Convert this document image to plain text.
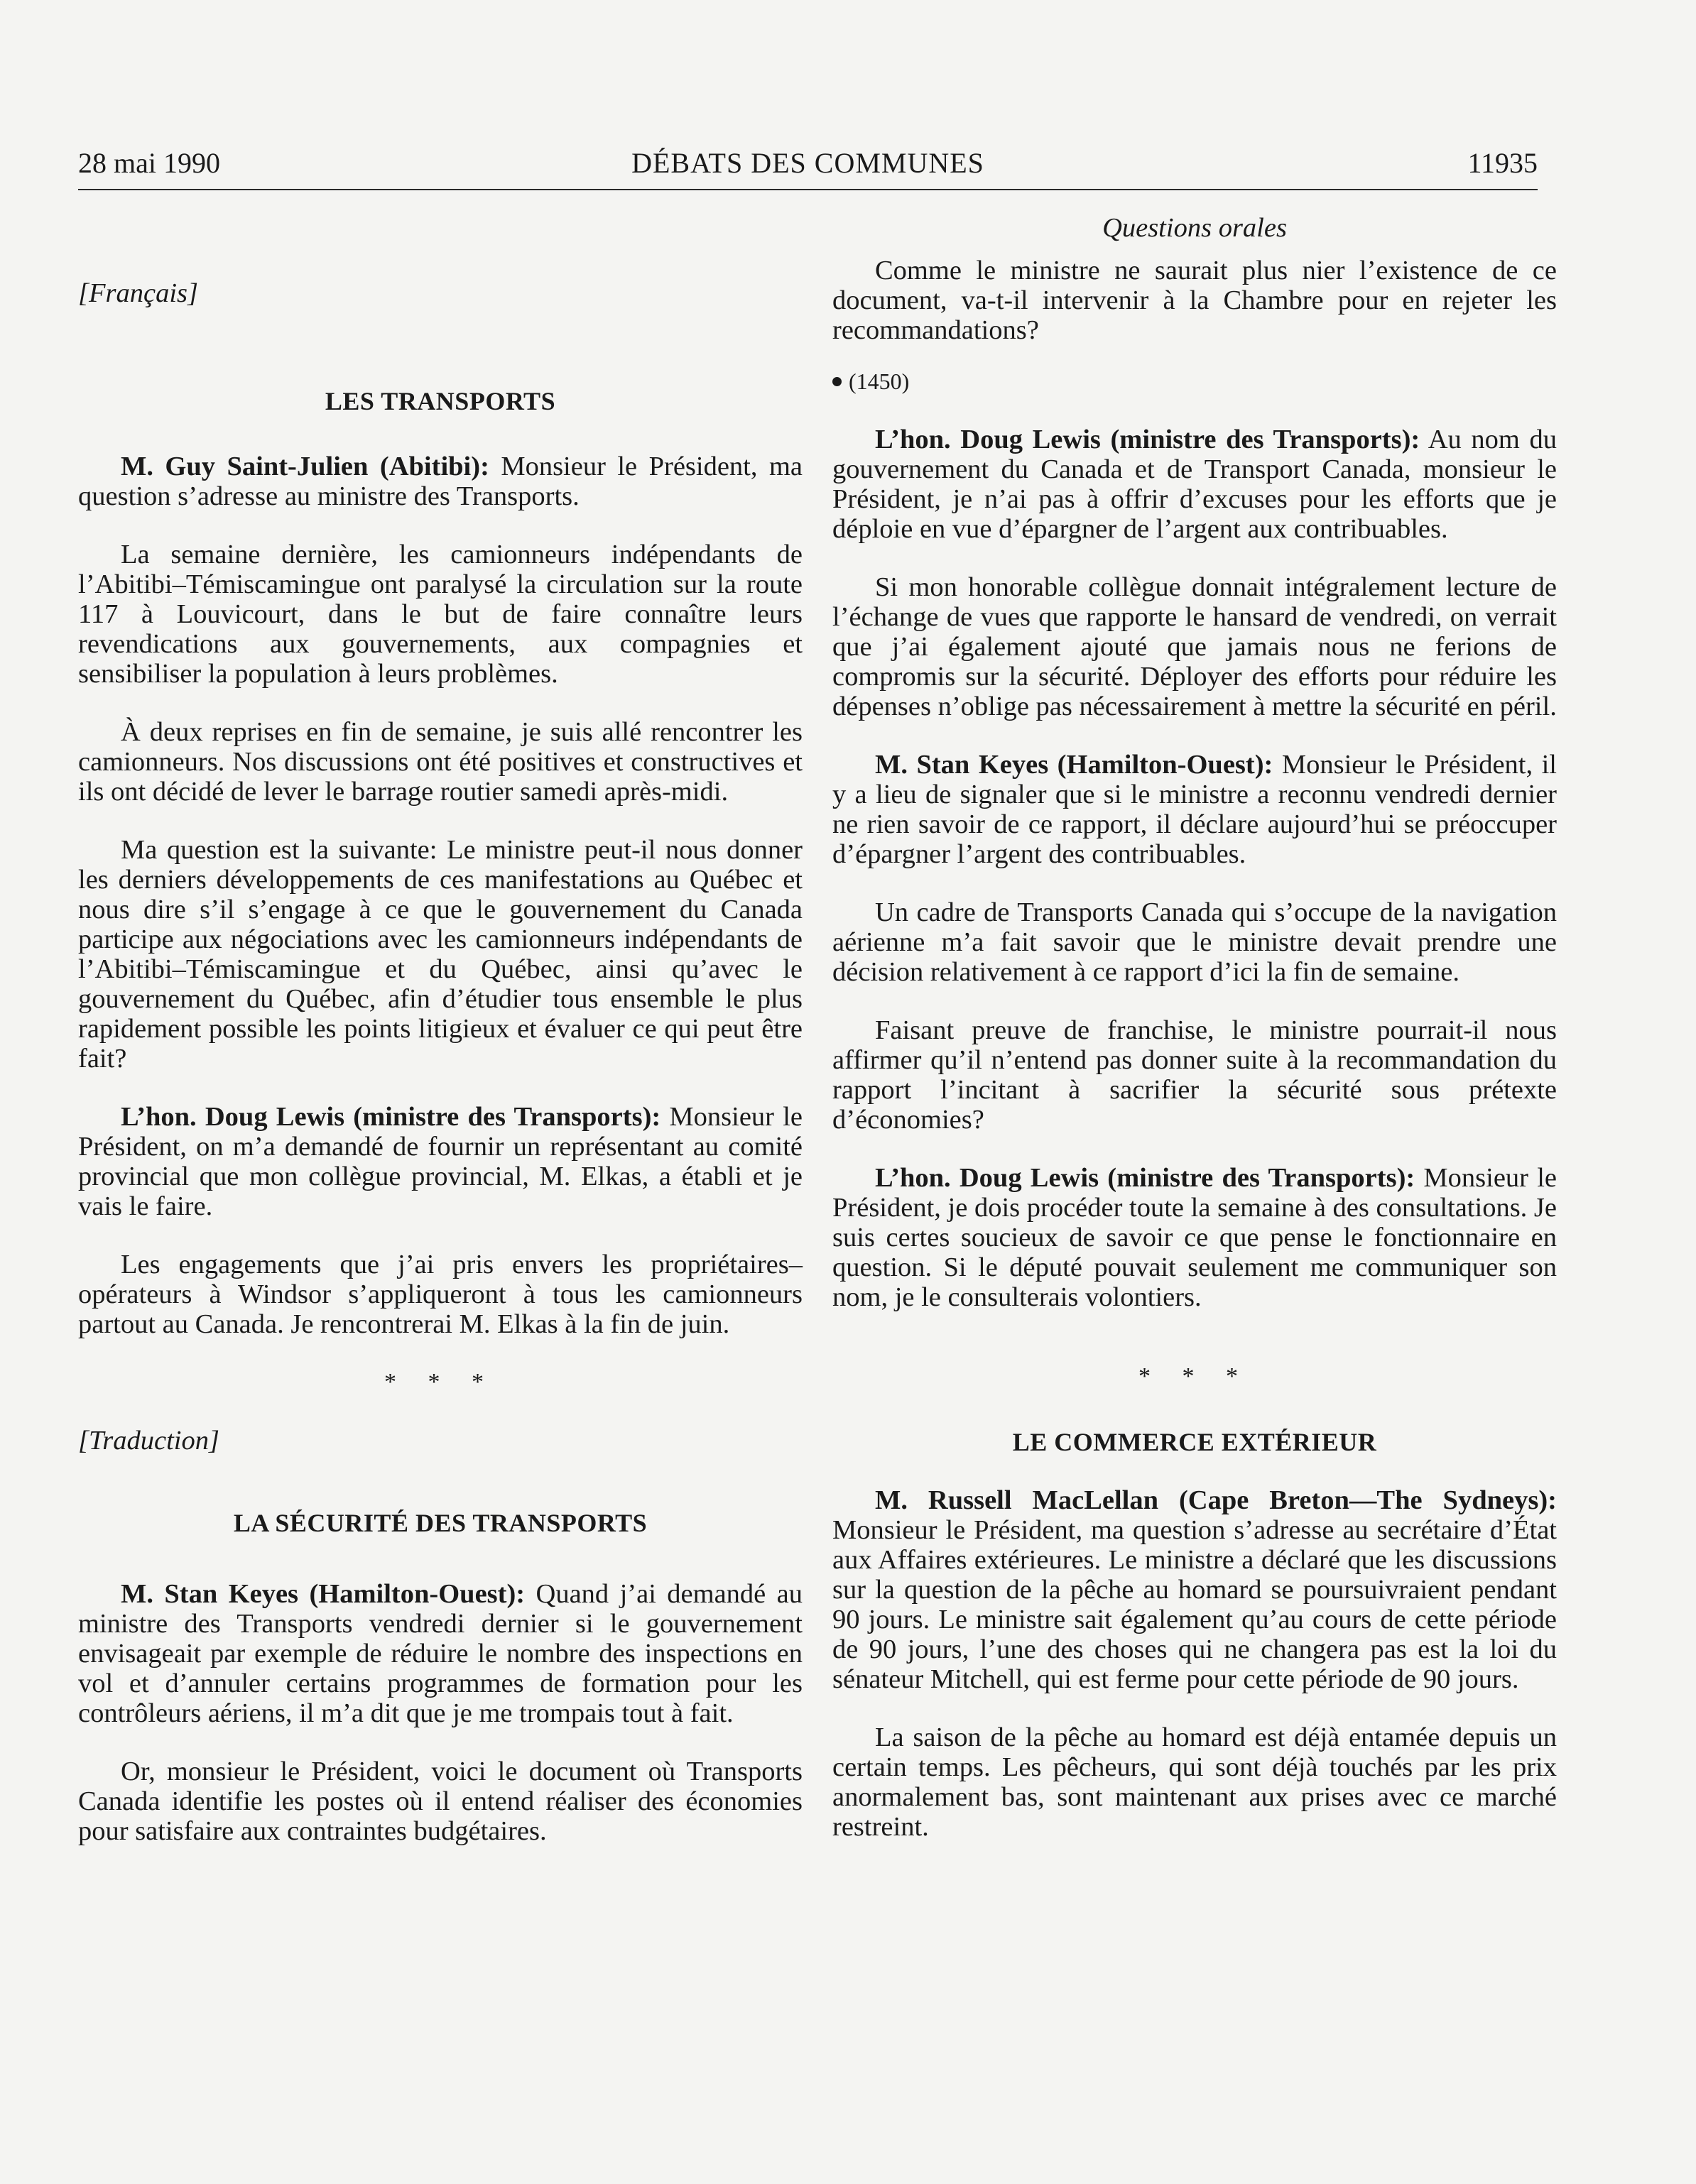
28 mai 1990	DÉBATS DES COMMUNES	11935

[Français]

LES TRANSPORTS

M. Guy Saint-Julien (Abitibi): Monsieur le Président, ma question s’adresse au ministre des Transports.

La semaine dernière, les camionneurs indépendants de l’Abitibi–Témiscamingue ont paralysé la circulation sur la route 117 à Louvicourt, dans le but de faire connaître leurs revendications aux gouvernements, aux compagnies et sensibiliser la population à leurs problèmes.

À deux reprises en fin de semaine, je suis allé rencontrer les camionneurs. Nos discussions ont été positives et constructives et ils ont décidé de lever le barrage routier samedi après-midi.

Ma question est la suivante: Le ministre peut-il nous donner les derniers développements de ces manifestations au Québec et nous dire s’il s’engage à ce que le gouvernement du Canada participe aux négociations avec les camionneurs indépendants de l’Abitibi–Témiscamingue et du Québec, ainsi qu’avec le gouvernement du Québec, afin d’étudier tous ensemble le plus rapidement possible les points litigieux et évaluer ce qui peut être fait?

L’hon. Doug Lewis (ministre des Transports): Monsieur le Président, on m’a demandé de fournir un représentant au comité provincial que mon collègue provincial, M. Elkas, a établi et je vais le faire.

Les engagements que j’ai pris envers les propriétaires–opérateurs à Windsor s’appliqueront à tous les camionneurs partout au Canada. Je rencontrerai M. Elkas à la fin de juin.

* * *

[Traduction]

LA SÉCURITÉ DES TRANSPORTS

M. Stan Keyes (Hamilton-Ouest): Quand j’ai demandé au ministre des Transports vendredi dernier si le gouvernement envisageait par exemple de réduire le nombre des inspections en vol et d’annuler certains programmes de formation pour les contrôleurs aériens, il m’a dit que je me trompais tout à fait.

Or, monsieur le Président, voici le document où Transports Canada identifie les postes où il entend réaliser des économies pour satisfaire aux contraintes budgétaires.

Questions orales

Comme le ministre ne saurait plus nier l’existence de ce document, va-t-il intervenir à la Chambre pour en rejeter les recommandations?

(1450)

L’hon. Doug Lewis (ministre des Transports): Au nom du gouvernement du Canada et de Transport Canada, monsieur le Président, je n’ai pas à offrir d’excuses pour les efforts que je déploie en vue d’épargner de l’argent aux contribuables.

Si mon honorable collègue donnait intégralement lecture de l’échange de vues que rapporte le hansard de vendredi, on verrait que j’ai également ajouté que jamais nous ne ferions de compromis sur la sécurité. Déployer des efforts pour réduire les dépenses n’oblige pas nécessairement à mettre la sécurité en péril.

M. Stan Keyes (Hamilton-Ouest): Monsieur le Président, il y a lieu de signaler que si le ministre a reconnu vendredi dernier ne rien savoir de ce rapport, il déclare aujourd’hui se préoccuper d’épargner l’argent des contribuables.

Un cadre de Transports Canada qui s’occupe de la navigation aérienne m’a fait savoir que le ministre devait prendre une décision relativement à ce rapport d’ici la fin de semaine.

Faisant preuve de franchise, le ministre pourrait-il nous affirmer qu’il n’entend pas donner suite à la recommandation du rapport l’incitant à sacrifier la sécurité sous prétexte d’économies?

L’hon. Doug Lewis (ministre des Transports): Monsieur le Président, je dois procéder toute la semaine à des consultations. Je suis certes soucieux de savoir ce que pense le fonctionnaire en question. Si le député pouvait seulement me communiquer son nom, je le consulterais volontiers.

* * *
LE COMMERCE EXTÉRIEUR

M. Russell MacLellan (Cape Breton—The Sydneys): Monsieur le Président, ma question s’adresse au secrétaire d’État aux Affaires extérieures. Le ministre a déclaré que les discussions sur la question de la pêche au homard se poursuivraient pendant 90 jours. Le ministre sait également qu’au cours de cette période de 90 jours, l’une des choses qui ne changera pas est la loi du sénateur Mitchell, qui est ferme pour cette période de 90 jours.

La saison de la pêche au homard est déjà entamée depuis un certain temps. Les pêcheurs, qui sont déjà touchés par les prix anormalement bas, sont maintenant aux prises avec ce marché restreint.
